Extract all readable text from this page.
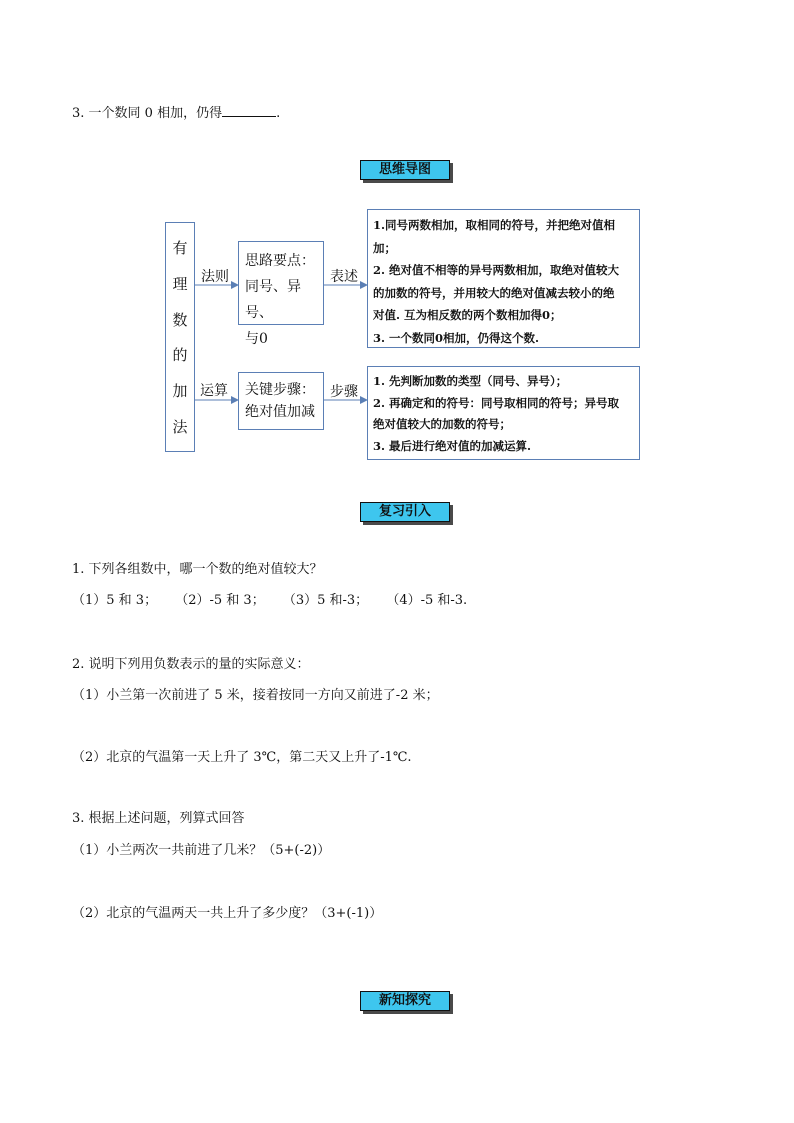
3. 一个数同 0 相加，仍得	.
思维导图
有
理
数
的
加
法
法则
运算
表述
步骤
思路要点：
同号、异号、
与0
关键步骤：
绝对值加减
1.同号两数相加，取相同的符号，并把绝对值相
加；
2. 绝对值不相等的异号两数相加，取绝对值较大
的加数的符号，并用较大的绝对值减去较小的绝
对值. 互为相反数的两个数相加得0；
3. 一个数同0相加，仍得这个数.
1. 先判断加数的类型（同号、异号）；
2. 再确定和的符号：同号取相同的符号；异号取
绝对值较大的加数的符号；
3. 最后进行绝对值的加减运算.
复习引入
1. 下列各组数中，哪一个数的绝对值较大？
（1）5 和 3； （2）-5 和 3； （3）5 和-3； （4）-5 和-3.
2. 说明下列用负数表示的量的实际意义：
（1）小兰第一次前进了 5 米，接着按同一方向又前进了-2 米；
（2）北京的气温第一天上升了 3℃，第二天又上升了-1℃.
3. 根据上述问题，列算式回答
（1）小兰两次一共前进了几米？（5+(-2)）
（2）北京的气温两天一共上升了多少度？（3+(-1)）
新知探究
